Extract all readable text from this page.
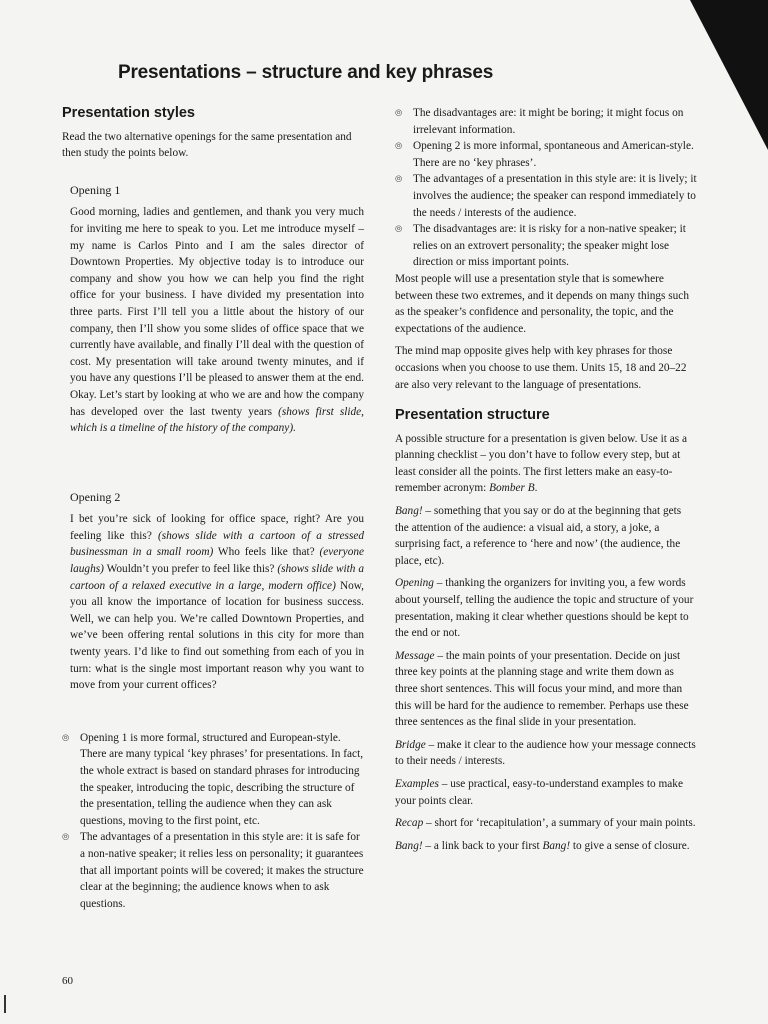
Presentations – structure and key phrases
Presentation styles

Read the two alternative openings for the same presentation and then study the points below.

Opening 1

Good morning, ladies and gentlemen, and thank you very much for inviting me here to speak to you. Let me introduce myself – my name is Carlos Pinto and I am the sales director of Downtown Properties. My objective today is to introduce our company and show you how we can help you find the right office for your business. I have divided my presentation into three parts. First I’ll tell you a little about the history of our company, then I’ll show you some slides of office space that we currently have available, and finally I’ll deal with the question of cost. My presentation will take around twenty minutes, and if you have any questions I’ll be pleased to answer them at the end. Okay. Let’s start by looking at who we are and how the company has developed over the last twenty years (shows first slide, which is a timeline of the history of the company).

Opening 2

I bet you’re sick of looking for office space, right? Are you feeling like this? (shows slide with a cartoon of a stressed businessman in a small room) Who feels like that? (everyone laughs) Wouldn’t you prefer to feel like this? (shows slide with a cartoon of a relaxed executive in a large, modern office) Now, you all know the importance of location for business success. Well, we can help you. We’re called Downtown Properties, and we’ve been offering rental solutions in this city for more than twenty years. I’d like to find out something from each of you in turn: what is the single most important reason why you want to move from your current offices?

⦾ Opening 1 is more formal, structured and European-style. There are many typical ‘key phrases’ for presentations. In fact, the whole extract is based on standard phrases for introducing the speaker, introducing the topic, describing the structure of the presentation, telling the audience when they can ask questions, moving to the first point, etc.
⦾ The advantages of a presentation in this style are: it is safe for a non-native speaker; it relies less on personality; it guarantees that all important points will be covered; it makes the structure clear at the beginning; the audience knows when to ask questions.
⦾ The disadvantages are: it might be boring; it might focus on irrelevant information.
⦾ Opening 2 is more informal, spontaneous and American-style. There are no ‘key phrases’.
⦾ The advantages of a presentation in this style are: it is lively; it involves the audience; the speaker can respond immediately to the needs / interests of the audience.
⦾ The disadvantages are: it is risky for a non-native speaker; it relies on an extrovert personality; the speaker might lose direction or miss important points.

Most people will use a presentation style that is somewhere between these two extremes, and it depends on many things such as the speaker’s confidence and personality, the topic, and the expectations of the audience.

The mind map opposite gives help with key phrases for those occasions when you choose to use them. Units 15, 18 and 20–22 are also very relevant to the language of presentations.

Presentation structure

A possible structure for a presentation is given below. Use it as a planning checklist – you don’t have to follow every step, but at least consider all the points. The first letters make an easy-to-remember acronym: Bomber B.

Bang! – something that you say or do at the beginning that gets the attention of the audience: a visual aid, a story, a joke, a surprising fact, a reference to ‘here and now’ (the audience, the place, etc).

Opening – thanking the organizers for inviting you, a few words about yourself, telling the audience the topic and structure of your presentation, making it clear whether questions should be kept to the end or not.

Message – the main points of your presentation. Decide on just three key points at the planning stage and write them down as three short sentences. This will focus your mind, and more than this will be hard for the audience to remember. Perhaps use these three sentences as the final slide in your presentation.

Bridge – make it clear to the audience how your message connects to their needs / interests.

Examples – use practical, easy-to-understand examples to make your points clear.

Recap – short for ‘recapitulation’, a summary of your main points.

Bang! – a link back to your first Bang! to give a sense of closure.

60
